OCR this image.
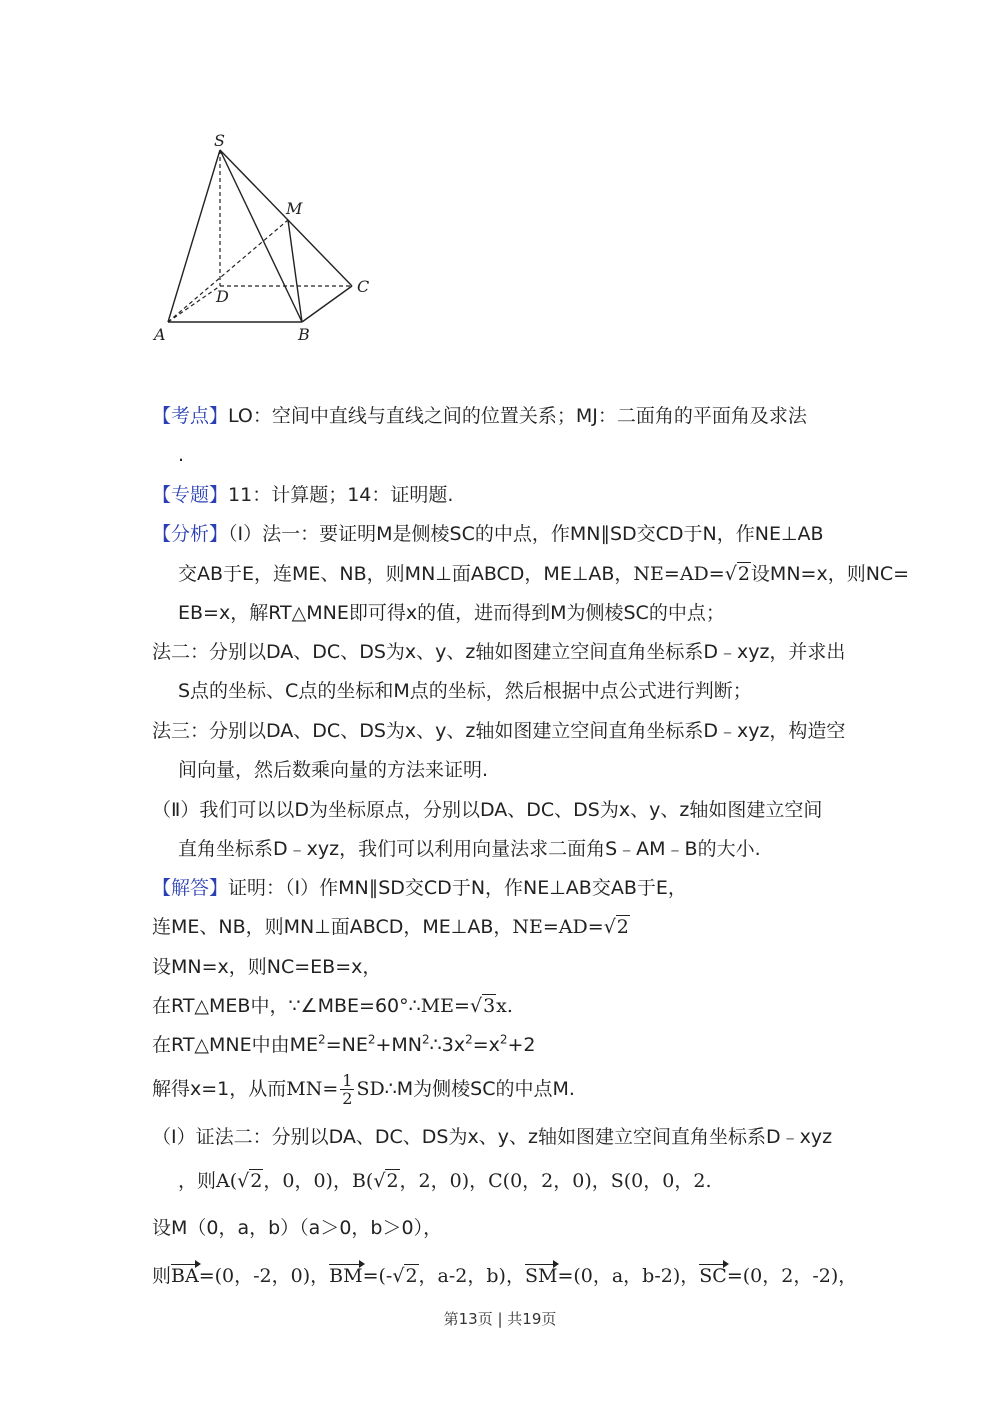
S
M
D
C
A	B
【考点】LO：空间中直线与直线之间的位置关系；MJ：二面角的平面角及求法
.
【专题】11：计算题；14：证明题.
【分析】（Ⅰ）法一：要证明M是侧棱SC的中点，作MN∥SD交CD于N，作NE⊥AB
交AB于E，连ME、NB，则MN⊥面ABCD，ME⊥AB，NE=AD=√2设MN=x，则NC=
EB=x，解RT△MNE即可得x的值，进而得到M为侧棱SC的中点；
法二：分别以DA、DC、DS为x、y、z轴如图建立空间直角坐标系D﹣xyz，并求出
S点的坐标、C点的坐标和M点的坐标，然后根据中点公式进行判断；
法三：分别以DA、DC、DS为x、y、z轴如图建立空间直角坐标系D﹣xyz，构造空
间向量，然后数乘向量的方法来证明.
（Ⅱ）我们可以以D为坐标原点，分别以DA、DC、DS为x、y、z轴如图建立空间
直角坐标系D﹣xyz，我们可以利用向量法求二面角S﹣AM﹣B的大小.
【解答】证明：（Ⅰ）作MN∥SD交CD于N，作NE⊥AB交AB于E，
连ME、NB，则MN⊥面ABCD，ME⊥AB，NE=AD=√2
设MN=x，则NC=EB=x，
在RT△MEB中，∵∠MBE=60°∴ME=√3x.
在RT△MNE中由$ME^2=NE^2+MN^2\therefore 3x^2=x^2+2$
解得x=1，从而$MN= \frac{1}{2}$ SD∴M为侧棱SC的中点M.
（Ⅰ）证法二：分别以DA、DC、DS为x、y、z轴如图建立空间直角坐标系D﹣xyz
，则A(√2，0，0)，B(√2，2，0)，C(0，2，0)，S(0，0，2.
设M（0，a，b）（a＞0，b＞0），
则BA=(0，-2，0)，BM=(-√2，a-2，b)，SM=(0，a，b-2)，SC=(0，2，-2)，
第13页 | 共19页
